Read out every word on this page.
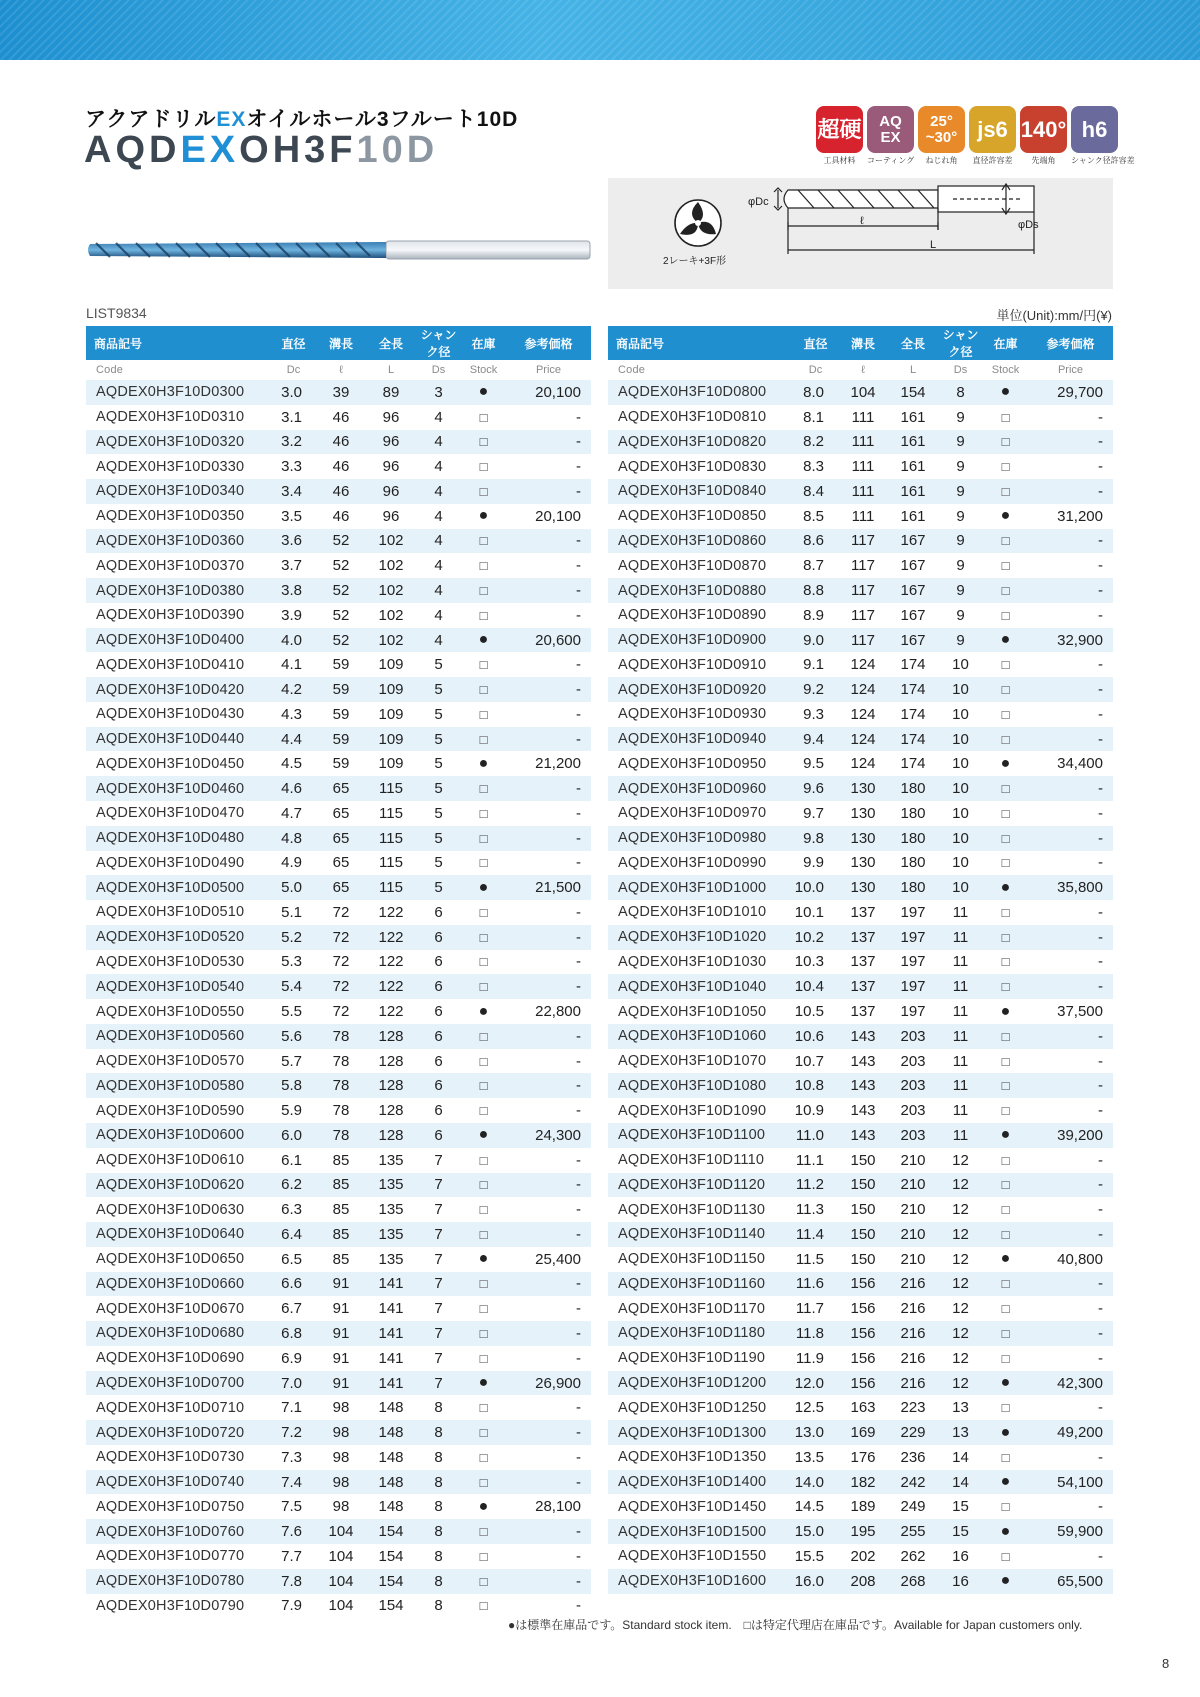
アクアドリルEXオイルホール3フルート10D
AQDEXOH3F10D	超硬
工具材料
AQ
EX
コーティング
25°
~30°
ねじれ角
js6
直径許容差
140°
先端角
h6
シャンク径許容差
2レーキ+3F形
φDc
φDs
ℓ
L
LIST9834	単位(Unit):mm/円(¥)
商品記号	直径	溝長	全長	シャンク径	在庫	参考価格
Code	Dc	ℓ	L	Ds	Stock	Price
AQDEX0H3F10D0300	3.0	39	89	3	●	20,100
AQDEX0H3F10D0310	3.1	46	96	4	□	-
AQDEX0H3F10D0320	3.2	46	96	4	□	-
AQDEX0H3F10D0330	3.3	46	96	4	□	-
AQDEX0H3F10D0340	3.4	46	96	4	□	-
AQDEX0H3F10D0350	3.5	46	96	4	●	20,100
AQDEX0H3F10D0360	3.6	52	102	4	□	-
AQDEX0H3F10D0370	3.7	52	102	4	□	-
AQDEX0H3F10D0380	3.8	52	102	4	□	-
AQDEX0H3F10D0390	3.9	52	102	4	□	-
AQDEX0H3F10D0400	4.0	52	102	4	●	20,600
AQDEX0H3F10D0410	4.1	59	109	5	□	-
AQDEX0H3F10D0420	4.2	59	109	5	□	-
AQDEX0H3F10D0430	4.3	59	109	5	□	-
AQDEX0H3F10D0440	4.4	59	109	5	□	-
AQDEX0H3F10D0450	4.5	59	109	5	●	21,200
AQDEX0H3F10D0460	4.6	65	115	5	□	-
AQDEX0H3F10D0470	4.7	65	115	5	□	-
AQDEX0H3F10D0480	4.8	65	115	5	□	-
AQDEX0H3F10D0490	4.9	65	115	5	□	-
AQDEX0H3F10D0500	5.0	65	115	5	●	21,500
AQDEX0H3F10D0510	5.1	72	122	6	□	-
AQDEX0H3F10D0520	5.2	72	122	6	□	-
AQDEX0H3F10D0530	5.3	72	122	6	□	-
AQDEX0H3F10D0540	5.4	72	122	6	□	-
AQDEX0H3F10D0550	5.5	72	122	6	●	22,800
AQDEX0H3F10D0560	5.6	78	128	6	□	-
AQDEX0H3F10D0570	5.7	78	128	6	□	-
AQDEX0H3F10D0580	5.8	78	128	6	□	-
AQDEX0H3F10D0590	5.9	78	128	6	□	-
AQDEX0H3F10D0600	6.0	78	128	6	●	24,300
AQDEX0H3F10D0610	6.1	85	135	7	□	-
AQDEX0H3F10D0620	6.2	85	135	7	□	-
AQDEX0H3F10D0630	6.3	85	135	7	□	-
AQDEX0H3F10D0640	6.4	85	135	7	□	-
AQDEX0H3F10D0650	6.5	85	135	7	●	25,400
AQDEX0H3F10D0660	6.6	91	141	7	□	-
AQDEX0H3F10D0670	6.7	91	141	7	□	-
AQDEX0H3F10D0680	6.8	91	141	7	□	-
AQDEX0H3F10D0690	6.9	91	141	7	□	-
AQDEX0H3F10D0700	7.0	91	141	7	●	26,900
AQDEX0H3F10D0710	7.1	98	148	8	□	-
AQDEX0H3F10D0720	7.2	98	148	8	□	-
AQDEX0H3F10D0730	7.3	98	148	8	□	-
AQDEX0H3F10D0740	7.4	98	148	8	□	-
AQDEX0H3F10D0750	7.5	98	148	8	●	28,100
AQDEX0H3F10D0760	7.6	104	154	8	□	-
AQDEX0H3F10D0770	7.7	104	154	8	□	-
AQDEX0H3F10D0780	7.8	104	154	8	□	-
AQDEX0H3F10D0790	7.9	104	154	8	□	-
商品記号	直径	溝長	全長	シャンク径	在庫	参考価格
Code	Dc	ℓ	L	Ds	Stock	Price
AQDEX0H3F10D0800	8.0	104	154	8	●	29,700
AQDEX0H3F10D0810	8.1	111	161	9	□	-
AQDEX0H3F10D0820	8.2	111	161	9	□	-
AQDEX0H3F10D0830	8.3	111	161	9	□	-
AQDEX0H3F10D0840	8.4	111	161	9	□	-
AQDEX0H3F10D0850	8.5	111	161	9	●	31,200
AQDEX0H3F10D0860	8.6	117	167	9	□	-
AQDEX0H3F10D0870	8.7	117	167	9	□	-
AQDEX0H3F10D0880	8.8	117	167	9	□	-
AQDEX0H3F10D0890	8.9	117	167	9	□	-
AQDEX0H3F10D0900	9.0	117	167	9	●	32,900
AQDEX0H3F10D0910	9.1	124	174	10	□	-
AQDEX0H3F10D0920	9.2	124	174	10	□	-
AQDEX0H3F10D0930	9.3	124	174	10	□	-
AQDEX0H3F10D0940	9.4	124	174	10	□	-
AQDEX0H3F10D0950	9.5	124	174	10	●	34,400
AQDEX0H3F10D0960	9.6	130	180	10	□	-
AQDEX0H3F10D0970	9.7	130	180	10	□	-
AQDEX0H3F10D0980	9.8	130	180	10	□	-
AQDEX0H3F10D0990	9.9	130	180	10	□	-
AQDEX0H3F10D1000	10.0	130	180	10	●	35,800
AQDEX0H3F10D1010	10.1	137	197	11	□	-
AQDEX0H3F10D1020	10.2	137	197	11	□	-
AQDEX0H3F10D1030	10.3	137	197	11	□	-
AQDEX0H3F10D1040	10.4	137	197	11	□	-
AQDEX0H3F10D1050	10.5	137	197	11	●	37,500
AQDEX0H3F10D1060	10.6	143	203	11	□	-
AQDEX0H3F10D1070	10.7	143	203	11	□	-
AQDEX0H3F10D1080	10.8	143	203	11	□	-
AQDEX0H3F10D1090	10.9	143	203	11	□	-
AQDEX0H3F10D1100	11.0	143	203	11	●	39,200
AQDEX0H3F10D1110	11.1	150	210	12	□	-
AQDEX0H3F10D1120	11.2	150	210	12	□	-
AQDEX0H3F10D1130	11.3	150	210	12	□	-
AQDEX0H3F10D1140	11.4	150	210	12	□	-
AQDEX0H3F10D1150	11.5	150	210	12	●	40,800
AQDEX0H3F10D1160	11.6	156	216	12	□	-
AQDEX0H3F10D1170	11.7	156	216	12	□	-
AQDEX0H3F10D1180	11.8	156	216	12	□	-
AQDEX0H3F10D1190	11.9	156	216	12	□	-
AQDEX0H3F10D1200	12.0	156	216	12	●	42,300
AQDEX0H3F10D1250	12.5	163	223	13	□	-
AQDEX0H3F10D1300	13.0	169	229	13	●	49,200
AQDEX0H3F10D1350	13.5	176	236	14	□	-
AQDEX0H3F10D1400	14.0	182	242	14	●	54,100
AQDEX0H3F10D1450	14.5	189	249	15	□	-
AQDEX0H3F10D1500	15.0	195	255	15	●	59,900
AQDEX0H3F10D1550	15.5	202	262	16	□	-
AQDEX0H3F10D1600	16.0	208	268	16	●	65,500
●は標準在庫品です。Standard stock item.　□は特定代理店在庫品です。Available for Japan customers only.
8
